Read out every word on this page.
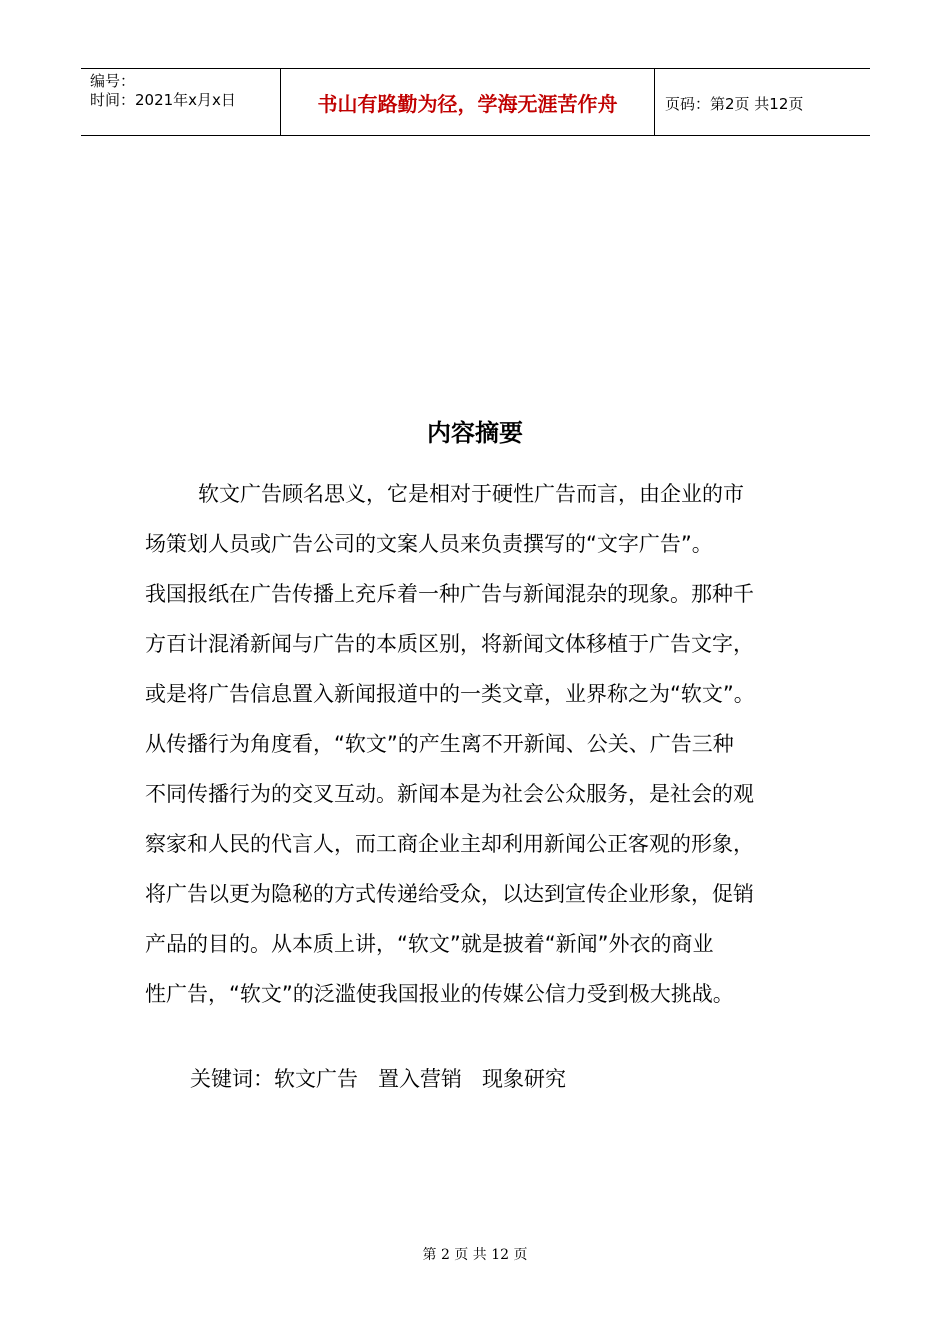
编号：
时间：2021年x月x日	书山有路勤为径，学海无涯苦作舟	页码：第2页 共12页
内容摘要
软文广告顾名思义，它是相对于硬性广告而言，由企业的市
场策划人员或广告公司的文案人员来负责撰写的“文字广告”。
我国报纸在广告传播上充斥着一种广告与新闻混杂的现象。那种千
方百计混淆新闻与广告的本质区别，将新闻文体移植于广告文字，
或是将广告信息置入新闻报道中的一类文章，业界称之为“软文”。
从传播行为角度看，“软文”的产生离不开新闻、公关、广告三种
不同传播行为的交叉互动。新闻本是为社会公众服务，是社会的观
察家和人民的代言人，而工商企业主却利用新闻公正客观的形象，
将广告以更为隐秘的方式传递给受众，以达到宣传企业形象，促销
产品的目的。从本质上讲，“软文”就是披着“新闻”外衣的商业
性广告，“软文”的泛滥使我国报业的传媒公信力受到极大挑战。
关键词：软文广告   置入营销   现象研究
第 2 页 共 12 页
